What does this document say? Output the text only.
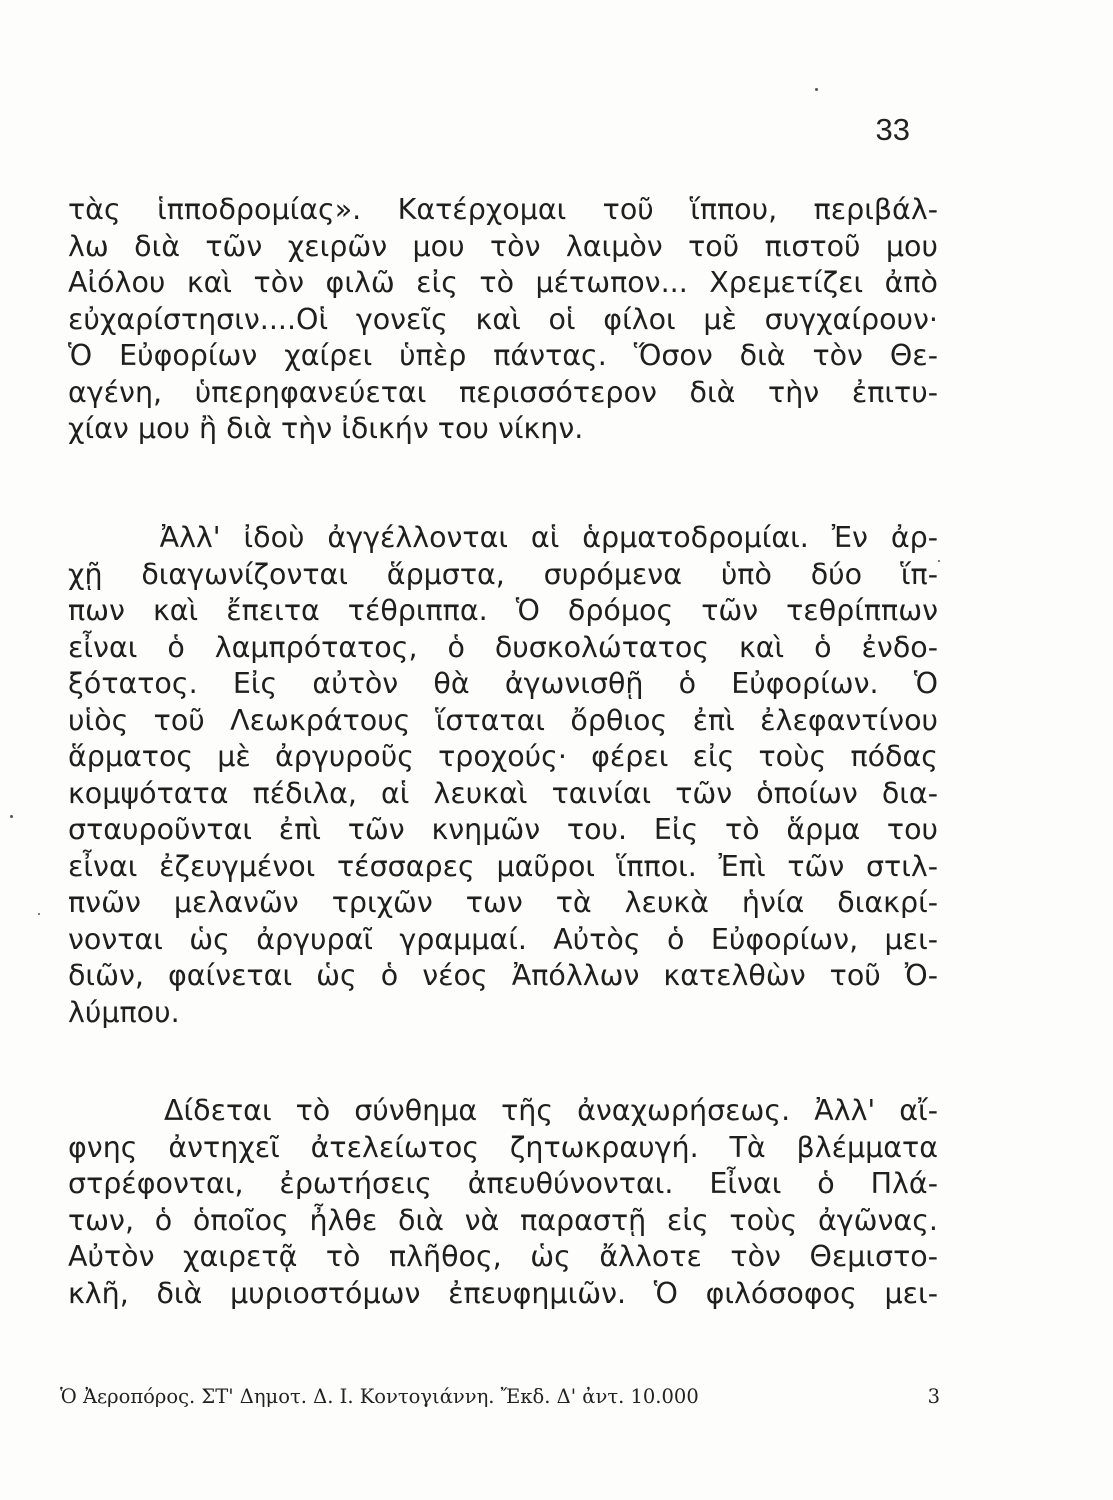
33
τὰς ἱπποδρομίας». Κατέρχομαι τοῦ ἵππου, περιβάλ-
λω διὰ τῶν χειρῶν μου τὸν λαιμὸν τοῦ πιστοῦ μου
Αἰόλου καὶ τὸν φιλῶ εἰς τὸ μέτωπον... Χρεμετίζει ἀπὸ
εὐχαρίστησιν....Οἱ γονεῖς καὶ οἱ φίλοι μὲ συγχαίρουν·
Ὁ Εὐφορίων χαίρει ὑπὲρ πάντας. Ὅσον διὰ τὸν Θε-
αγένη, ὑπερηφανεύεται περισσότερον διὰ τὴν ἐπιτυ-
χίαν μου ἢ διὰ τὴν ἰδικήν του νίκην.
Ἀλλ' ἰδοὺ ἀγγέλλονται αἱ ἁρματοδρομίαι. Ἐν ἀρ-
χῇ διαγωνίζονται ἅρμστα, συρόμενα ὑπὸ δύο ἵπ-
πων καὶ ἔπειτα τέθριππα. Ὁ δρόμος τῶν τεθρίππων
εἶναι ὁ λαμπρότατος, ὁ δυσκολώτατος καὶ ὁ ἐνδο-
ξότατος. Εἰς αὐτὸν θὰ ἀγωνισθῇ ὁ Εὐφορίων. Ὁ
υἱὸς τοῦ Λεωκράτους ἵσταται ὄρθιος ἐπὶ ἐλεφαντίνου
ἅρματος μὲ ἀργυροῦς τροχούς· φέρει εἰς τοὺς πόδας
κομψότατα πέδιλα, αἱ λευκαὶ ταινίαι τῶν ὁποίων δια-
σταυροῦνται ἐπὶ τῶν κνημῶν του. Εἰς τὸ ἅρμα του
εἶναι ἐζευγμένοι τέσσαρες μαῦροι ἵπποι. Ἐπὶ τῶν στιλ-
πνῶν μελανῶν τριχῶν των τὰ λευκὰ ἡνία διακρί-
νονται ὡς ἀργυραῖ γραμμαί. Αὐτὸς ὁ Εὐφορίων, μει-
διῶν, φαίνεται ὡς ὁ νέος Ἀπόλλων κατελθὼν τοῦ Ὀ-
λύμπου.
Δίδεται τὸ σύνθημα τῆς ἀναχωρήσεως. Ἀλλ' αἴ-
φνης ἀντηχεῖ ἀτελείωτος ζητωκραυγή. Τὰ βλέμματα
στρέφονται, ἐρωτήσεις ἀπευθύνονται. Εἶναι ὁ Πλά-
των, ὁ ὁποῖος ἦλθε διὰ νὰ παραστῇ εἰς τοὺς ἀγῶνας.
Αὐτὸν χαιρετᾷ τὸ πλῆθος, ὡς ἄλλοτε τὸν Θεμιστο-
κλῆ, διὰ μυριοστόμων ἐπευφημιῶν. Ὁ φιλόσοφος μει-
Ὁ Ἀεροπόρος. ΣΤ' Δημοτ. Δ. Ι. Κοντογιάννη. Ἔκδ. Δ' ἀντ. 10.000	3
